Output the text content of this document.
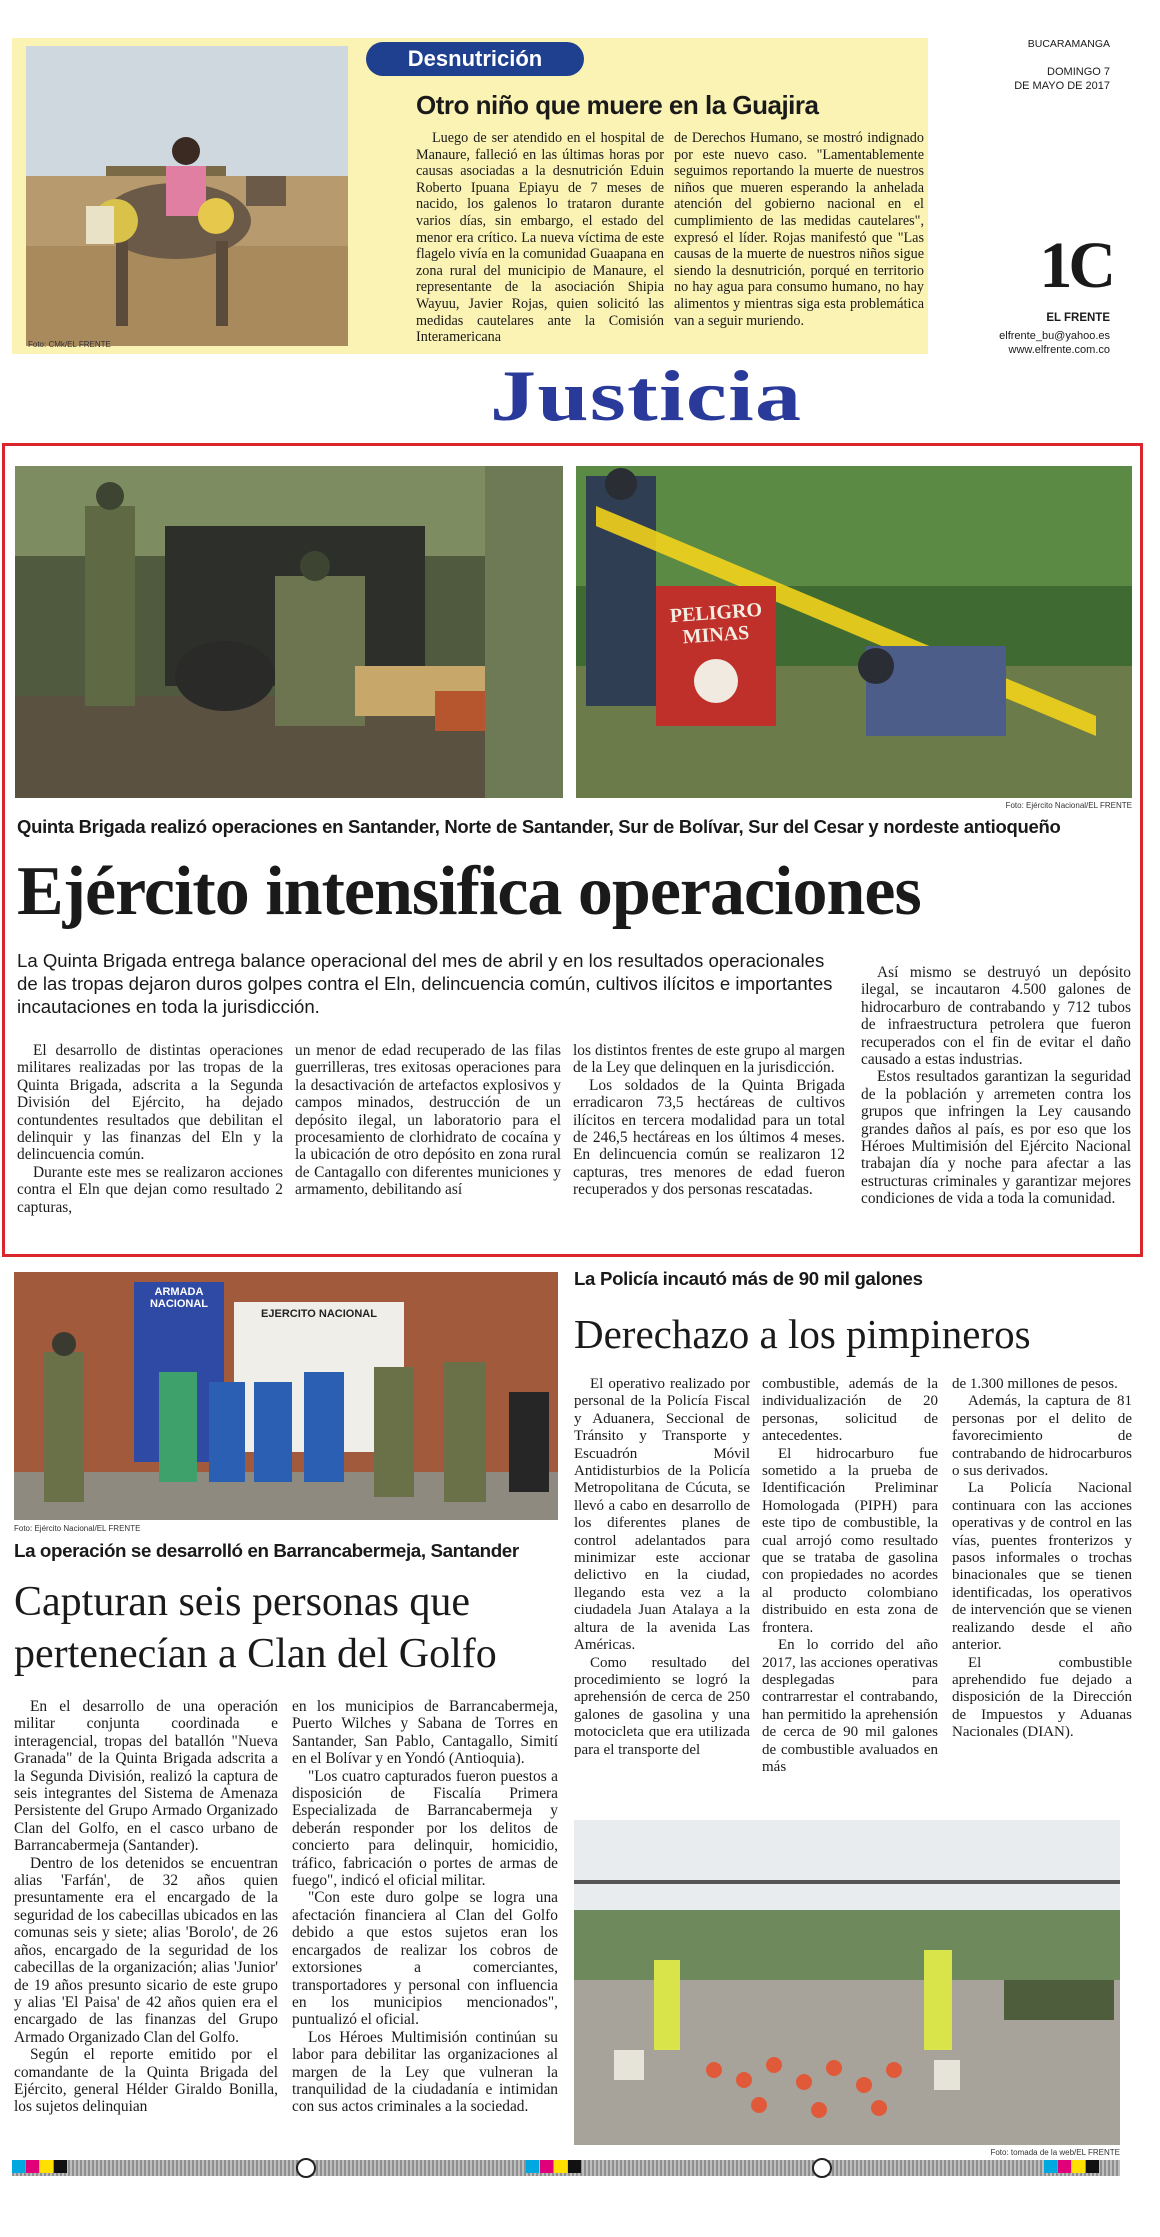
Foto: CMk/EL FRENTE
Desnutrición
Otro niño que muere en la Guajira

Luego de ser atendido en el hospital de Manaure, falleció en las últimas horas por causas asociadas a la desnutrición Eduin Roberto Ipuana Epiayu de 7 meses de nacido, los galenos lo trataron durante varios días, sin embargo, el estado del menor era crítico. La nueva víctima de este flagelo vivía en la comunidad Guaapana en zona rural del municipio de Manaure, el representante de la asociación Shipia Wayuu, Javier Rojas, quien solicitó las medidas cautelares ante la Comisión Interamericana

de Derechos Humano, se mostró indignado por este nuevo caso. "Lamentablemente seguimos reportando la muerte de nuestros niños que mueren esperando la anhelada atención del gobierno nacional en el cumplimiento de las medidas cautelares", expresó el líder. Rojas manifestó que "Las causas de la muerte de nuestros niños sigue siendo la desnutrición, porqué en territorio no hay agua para consumo humano, no hay alimentos y mientras siga esta problemática van a seguir muriendo.

BUCARAMANGA
DOMINGO 7
DE MAYO DE 2017
1C
EL FRENTE
elfrente_bu@yahoo.es
www.elfrente.com.co
Justicia
PELIGRO
MINAS
Foto: Ejército Nacional/EL FRENTE
Quinta Brigada realizó operaciones en Santander, Norte de Santander, Sur de Bolívar, Sur del Cesar y nordeste antioqueño
Ejército intensifica operaciones
La Quinta Brigada entrega balance operacional del mes de abril y en los resultados operacionales de las tropas dejaron duros golpes contra el Eln, delincuencia común, cultivos ilícitos e importantes incautaciones en toda la jurisdicción.

El desarrollo de distintas operaciones militares realizadas por las tropas de la Quinta Brigada, adscrita a la Segunda División del Ejército, ha dejado contundentes resultados que debilitan el delinquir y las finanzas del Eln y la delincuencia común.

Durante este mes se realizaron acciones contra el Eln que dejan como resultado 2 capturas,

un menor de edad recuperado de las filas guerrilleras, tres exitosas operaciones para la desactivación de artefactos explosivos y campos minados, destrucción de un depósito ilegal, un laboratorio para el procesamiento de clorhidrato de cocaína y la ubicación de otro depósito en zona rural de Cantagallo con diferentes municiones y armamento, debilitando así

los distintos frentes de este grupo al margen de la Ley que delinquen en la jurisdicción.

Los soldados de la Quinta Brigada erradicaron 73,5 hectáreas de cultivos ilícitos en tercera modalidad para un total de 246,5 hectáreas en los últimos 4 meses. En delincuencia común se realizaron 12 capturas, tres menores de edad fueron recuperados y dos personas rescatadas.

Así mismo se destruyó un depósito ilegal, se incautaron 4.500 galones de hidrocarburo de contrabando y 712 tubos de infraestructura petrolera que fueron recuperados con el fin de evitar el daño causado a estas industrias.

Estos resultados garantizan la seguridad de la población y arremeten contra los grupos que infringen la Ley causando grandes daños al país, es por eso que los Héroes Multimisión del Ejército Nacional trabajan día y noche para afectar a las estructuras criminales y garantizar mejores condiciones de vida a toda la comunidad.

ARMADA NACIONAL
EJERCITO NACIONAL
Foto: Ejército Nacional/EL FRENTE
La operación se desarrolló en Barrancabermeja, Santander
Capturan seis personas que
pertenecían a Clan del Golfo

En el desarrollo de una operación militar conjunta coordinada e interagencial, tropas del batallón "Nueva Granada" de la Quinta Brigada adscrita a la Segunda División, realizó la captura de seis integrantes del Sistema de Amenaza Persistente del Grupo Armado Organizado Clan del Golfo, en el casco urbano de Barrancabermeja (Santander).

Dentro de los detenidos se encuentran alias 'Farfán', de 32 años quien presuntamente era el encargado de la seguridad de los cabecillas ubicados en las comunas seis y siete; alias 'Borolo', de 26 años, encargado de la seguridad de los cabecillas de la organización; alias 'Junior' de 19 años presunto sicario de este grupo y alias 'El Paisa' de 42 años quien era el encargado de las finanzas del Grupo Armado Organizado Clan del Golfo.

Según el reporte emitido por el comandante de la Quinta Brigada del Ejército, general Hélder Giraldo Bonilla, los sujetos delinquian

en los municipios de Barrancabermeja, Puerto Wilches y Sabana de Torres en Santander, San Pablo, Cantagallo, Simití en el Bolívar y en Yondó (Antioquia).

"Los cuatro capturados fueron puestos a disposición de Fiscalía Primera Especializada de Barrancabermeja y deberán responder por los delitos de concierto para delinquir, homicidio, tráfico, fabricación o portes de armas de fuego", indicó el oficial militar.

"Con este duro golpe se logra una afectación financiera al Clan del Golfo debido a que estos sujetos eran los encargados de realizar los cobros de extorsiones a comerciantes, transportadores y personal con influencia en los municipios mencionados", puntualizó el oficial.

Los Héroes Multimisión continúan su labor para debilitar las organizaciones al margen de la Ley que vulneran la tranquilidad de la ciudadanía e intimidan con sus actos criminales a la sociedad.

La Policía incautó más de 90 mil galones
Derechazo a los pimpineros

El operativo realizado por personal de la Policía Fiscal y Aduanera, Seccional de Tránsito y Transporte y Escuadrón Móvil Antidisturbios de la Policía Metropolitana de Cúcuta, se llevó a cabo en desarrollo de los diferentes planes de control adelantados para minimizar este accionar delictivo en la ciudad, llegando esta vez a la ciudadela Juan Atalaya a la altura de la avenida Las Américas.

Como resultado del procedimiento se logró la aprehensión de cerca de 250 galones de gasolina y una motocicleta que era utilizada para el transporte del

combustible, además de la individualización de 20 personas, solicitud de antecedentes.

El hidrocarburo fue sometido a la prueba de Identificación Preliminar Homologada (PIPH) para este tipo de combustible, la cual arrojó como resultado que se trataba de gasolina con propiedades no acordes al producto colombiano distribuido en esta zona de frontera.

En lo corrido del año 2017, las acciones operativas desplegadas para contrarrestar el contrabando, han permitido la aprehensión de cerca de 90 mil galones de combustible avaluados en más

de 1.300 millones de pesos.

Además, la captura de 81 personas por el delito de favorecimiento de contrabando de hidrocarburos o sus derivados.

La Policía Nacional continuara con las acciones operativas y de control en las vías, puentes fronterizos y pasos informales o trochas binacionales que se tienen identificadas, los operativos de intervención que se vienen realizando desde el año anterior.

El combustible aprehendido fue dejado a disposición de la Dirección de Impuestos y Aduanas Nacionales (DIAN).

Foto: tomada de la web/EL FRENTE
